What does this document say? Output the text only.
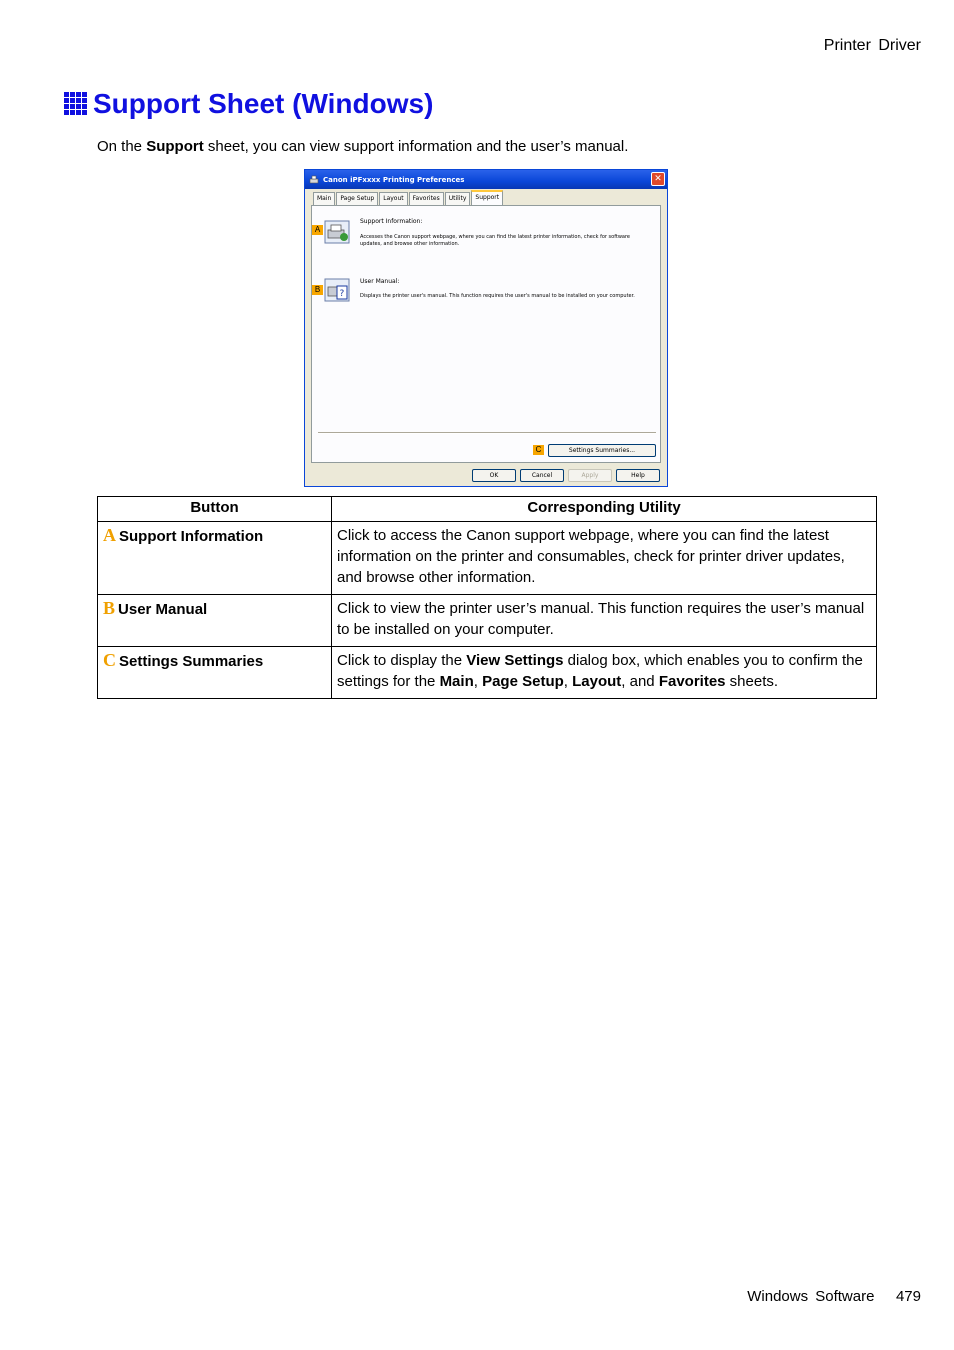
Printer Driver
Support Sheet (Windows)
On the Support sheet, you can view support information and the user’s manual.
Canon iPFxxxx Printing Preferences	✕
Main	Page Setup	Layout	Favorites	Utility	Support
A
Support Information:
Accesses the Canon support webpage, where you can find the latest printer information, check for software updates, and browse other information.
B	?
User Manual:
Displays the printer user's manual. This function requires the user's manual to be installed on your computer.
C	Settings Summaries...
OK	Cancel	Apply	Help
Button	Corresponding Utility
A Support Information	Click to access the Canon support webpage, where you can find the latest information on the printer and consumables, check for printer driver updates, and browse other information.
B User Manual	Click to view the printer user’s manual. This function requires the user’s manual to be installed on your computer.
C Settings Summaries	Click to display the View Settings dialog box, which enables you to confirm the settings for the Main, Page Setup, Layout, and Favorites sheets.
Windows Software 479
